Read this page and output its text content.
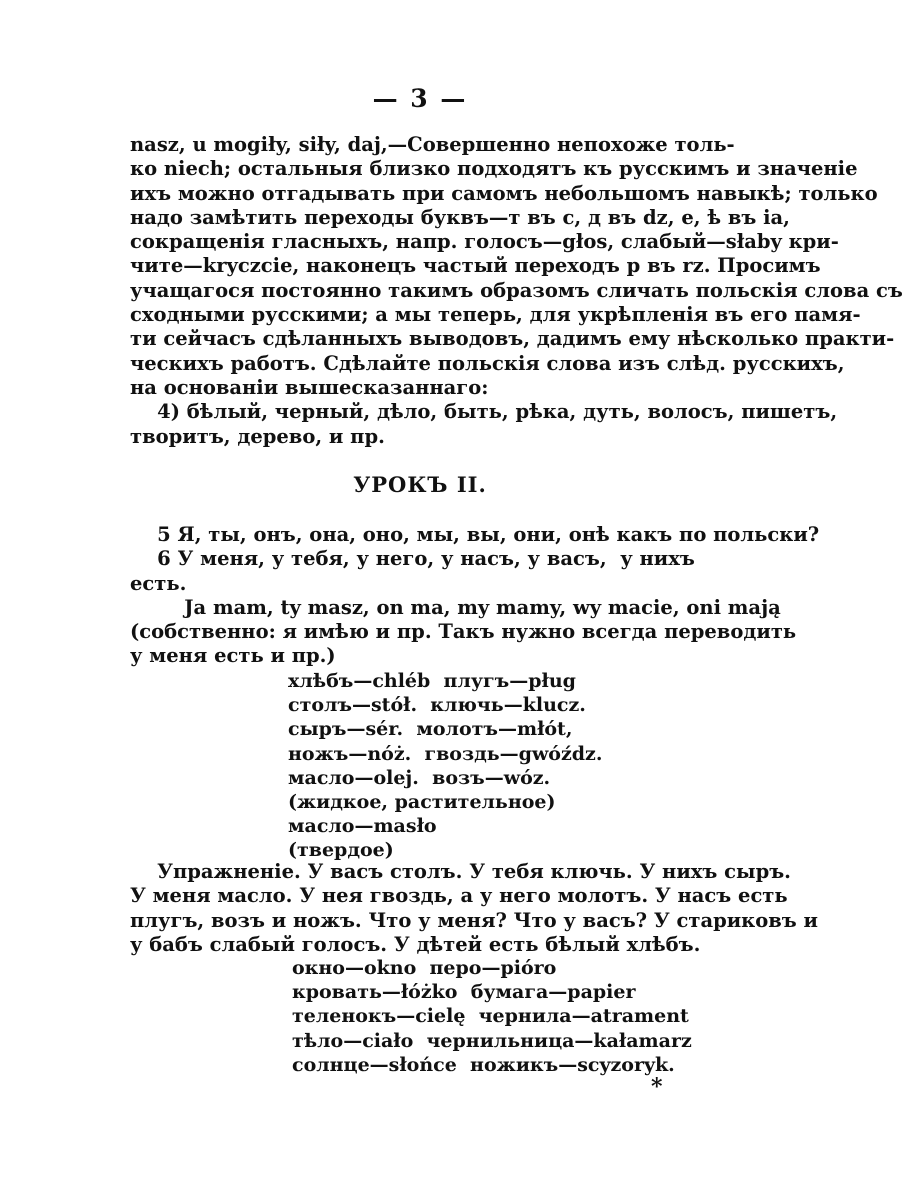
— 3 —
nasz, u mogiły, siły, daj,—Совершенно непохоже толь-
ко niech; остальныя близко подходятъ къ русскимъ и значеніе
ихъ можно отгадывать при самомъ небольшомъ навыкѣ; только
надо замѣтить переходы буквъ—т въ c, д въ dz, е, ѣ въ ia,
сокращенія гласныхъ, напр. голосъ—głos, слабый—słaby кри-
чите—kryczcie, наконецъ частый переходъ р въ rz. Просимъ
учащагося постоянно такимъ образомъ сличать польскія слова съ
сходными русскими; а мы теперь, для укрѣпленія въ его памя-
ти сейчасъ сдѣланныхъ выводовъ, дадимъ ему нѣсколько практи-
ческихъ работъ. Сдѣлайте польскія слова изъ слѣд. русскихъ,
на основаніи вышесказаннаго:
4) бѣлый, черный, дѣло, быть, рѣка, дуть, волосъ, пишетъ,
творитъ, дерево, и пр.
УРОКЪ II.
5 Я, ты, онъ, она, оно, мы, вы, они, онѣ какъ по польски?
6 У меня, у тебя, у него, у насъ, у васъ,  у нихъ
есть.
Ja mam, ty masz, on ma, my mamy, wy macie, oni mają
(собственно: я имѣю и пр. Такъ нужно всегда переводить
у меня есть и пр.)
хлѣбъ—chléb  плугъ—pług
столъ—stół.  ключь—klucz.
сыръ—sér.  молотъ—młót,
ножъ—nóż.  гвоздь—gwóźdz.
масло—olej.  возъ—wóz.
(жидкое, растительное)
масло—masło
(твердое)
Упражненіе. У васъ столъ. У тебя ключь. У нихъ сыръ.
У меня масло. У нея гвоздь, а у него молотъ. У насъ есть
плугъ, возъ и ножъ. Что у меня? Что у васъ? У стариковъ и
у бабъ слабый голосъ. У дѣтей есть бѣлый хлѣбъ.
окно—okno  перо—pióro
кровать—łóżko  бумага—papier
теленокъ—cielę  чернила—atrament
тѣло—ciało  чернильница—kałamarz
солнце—słońce  ножикъ—scyzoryk.
*
